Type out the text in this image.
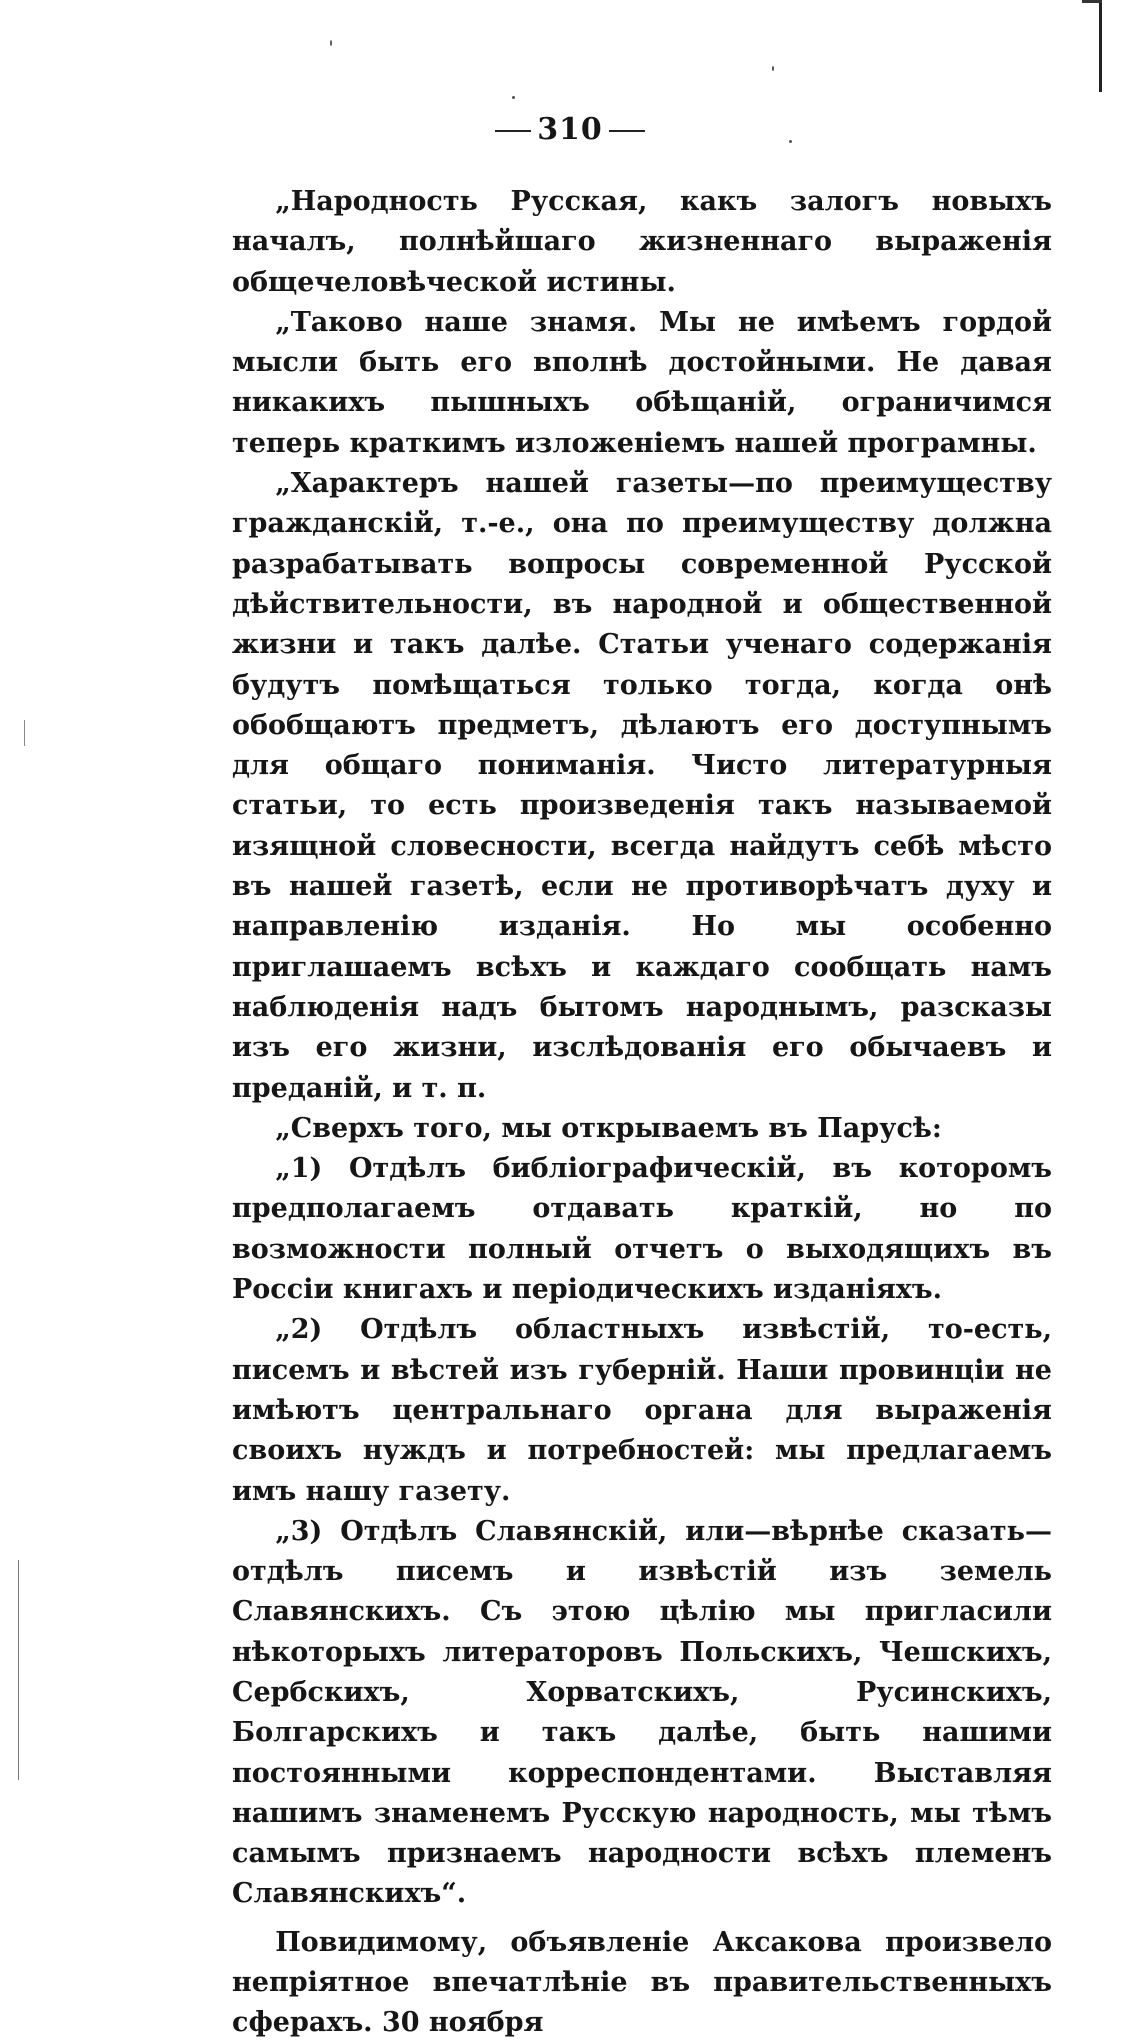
310

„Народность Русская, какъ залогъ новыхъ началъ, полнѣйшаго жизненнаго выраженія общечеловѣческой истины.

„Таково наше знамя. Мы не имѣемъ гордой мысли быть его вполнѣ достойными. Не давая никакихъ пышныхъ обѣщаній, ограничимся теперь краткимъ изложеніемъ нашей програмны.

„Характеръ нашей газеты—по преимуществу гражданскій, т.-е., она по преимуществу должна разрабатывать вопросы современной Русской дѣйствительности, въ народной и общественной жизни и такъ далѣе. Статьи ученаго содержанія будутъ помѣщаться только тогда, когда онѣ обобщаютъ предметъ, дѣлаютъ его доступнымъ для общаго пониманія. Чисто литературныя статьи, то есть произведенія такъ называемой изящной словесности, всегда найдутъ себѣ мѣсто въ нашей газетѣ, если не противорѣчатъ духу и направленію изданія. Но мы особенно приглашаемъ всѣхъ и каждаго сообщать намъ наблюденія надъ бытомъ народнымъ, разсказы изъ его жизни, изслѣдованія его обычаевъ и преданій, и т. п.

„Сверхъ того, мы открываемъ въ Парусѣ:

„1) Отдѣлъ библіографическій, въ которомъ предполагаемъ отдавать краткій, но по возможности полный отчетъ о выходящихъ въ Россіи книгахъ и періодическихъ изданіяхъ.

„2) Отдѣлъ областныхъ извѣстій, то-есть, писемъ и вѣстей изъ губерній. Наши провинціи не имѣютъ центральнаго органа для выраженія своихъ нуждъ и потребностей: мы предлагаемъ имъ нашу газету.

„3) Отдѣлъ Славянскій, или—вѣрнѣе сказать—отдѣлъ писемъ и извѣстій изъ земель Славянскихъ. Съ этою цѣлію мы пригласили нѣкоторыхъ литераторовъ Польскихъ, Чешскихъ, Сербскихъ, Хорватскихъ, Русинскихъ, Болгарскихъ и такъ далѣе, быть нашими постоянными корреспондентами. Выставляя нашимъ знаменемъ Русскую народность, мы тѣмъ самымъ признаемъ народности всѣхъ племенъ Славянскихъ“.

Повидимому, объявленіе Аксакова произвело непріятное впечатлѣніе въ правительственныхъ сферахъ. 30 ноября
